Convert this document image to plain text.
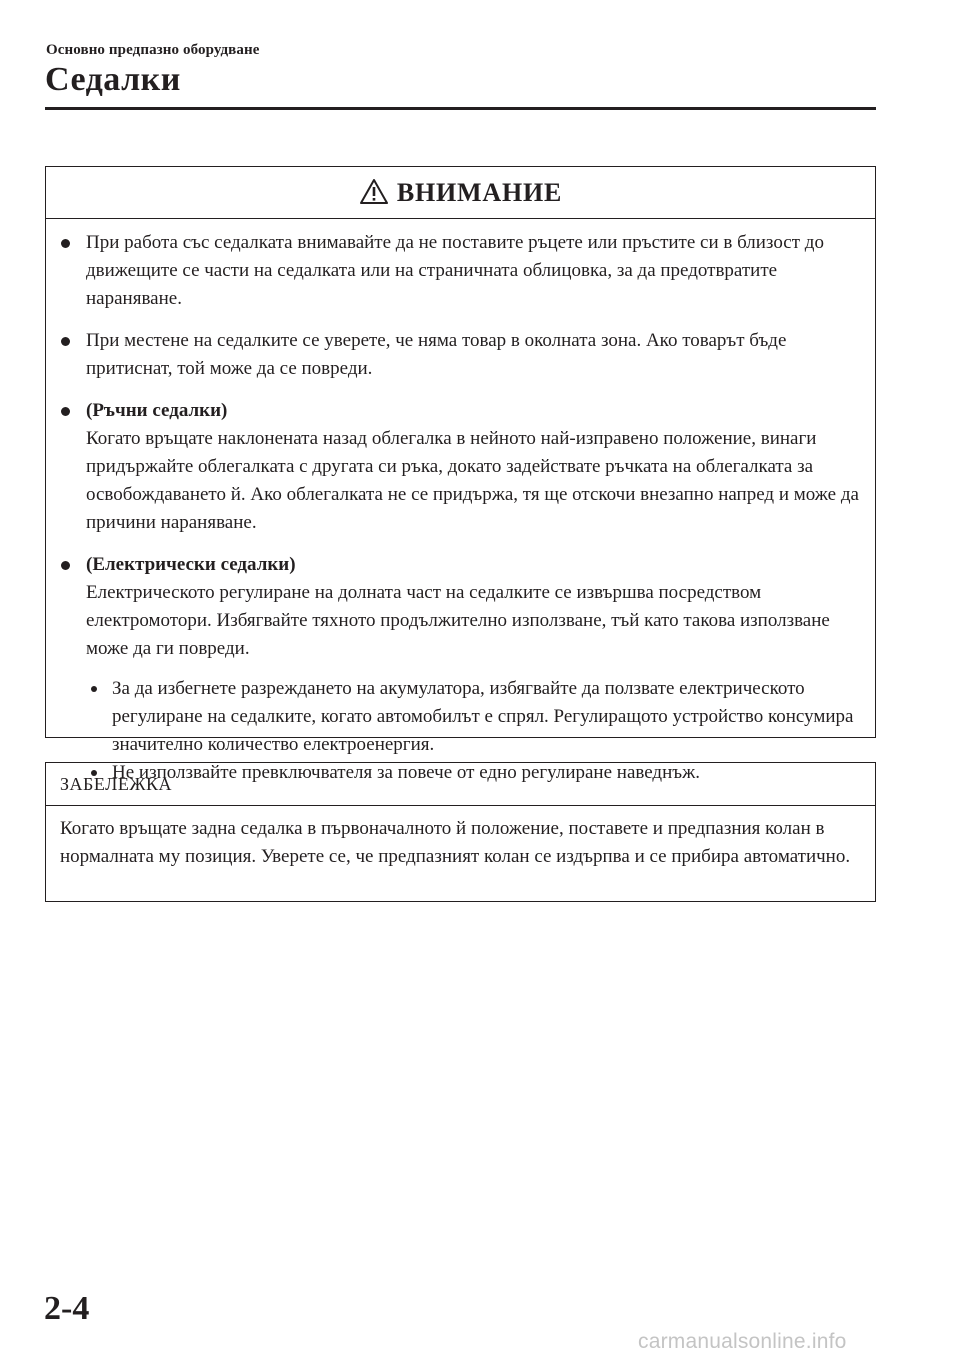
Основно предпазно оборудване
Седалки
ВНИМАНИЕ
При работа със седалката внимавайте да не поставите ръцете или пръстите си в близост до движещите се части на седалката или на страничната облицовка, за да предотвратите нараняване.
При местене на седалките се уверете, че няма товар в околната зона. Ако товарът бъде притиснат, той може да се повреди.
(Ръчни седалки)
Когато връщате наклонената назад облегалка в нейното най-изправено положение, винаги придържайте облегалката с другата си ръка, докато задействате ръчката на облегалката за освобождаването й. Ако облегалката не се придържа, тя ще отскочи внезапно напред и може да причини нараняване.
(Електрически седалки)
Електрическото регулиране на долната част на седалките се извършва посредством електромотори. Избягвайте тяхното продължително използване, тъй като такова използване може да ги повреди.
За да избегнете разреждането на акумулатора, избягвайте да ползвате електрическото регулиране на седалките, когато автомобилът е спрял. Регулиращото устройство консумира значително количество електроенергия.
Не използвайте превключвателя за повече от едно регулиране наведнъж.
ЗАБЕЛЕЖКА
Когато връщате задна седалка в първоначалното й положение, поставете и предпазния колан в нормалната му позиция. Уверете се, че предпазният колан се издърпва и се прибира автоматично.
2-4
carmanualsonline.info
